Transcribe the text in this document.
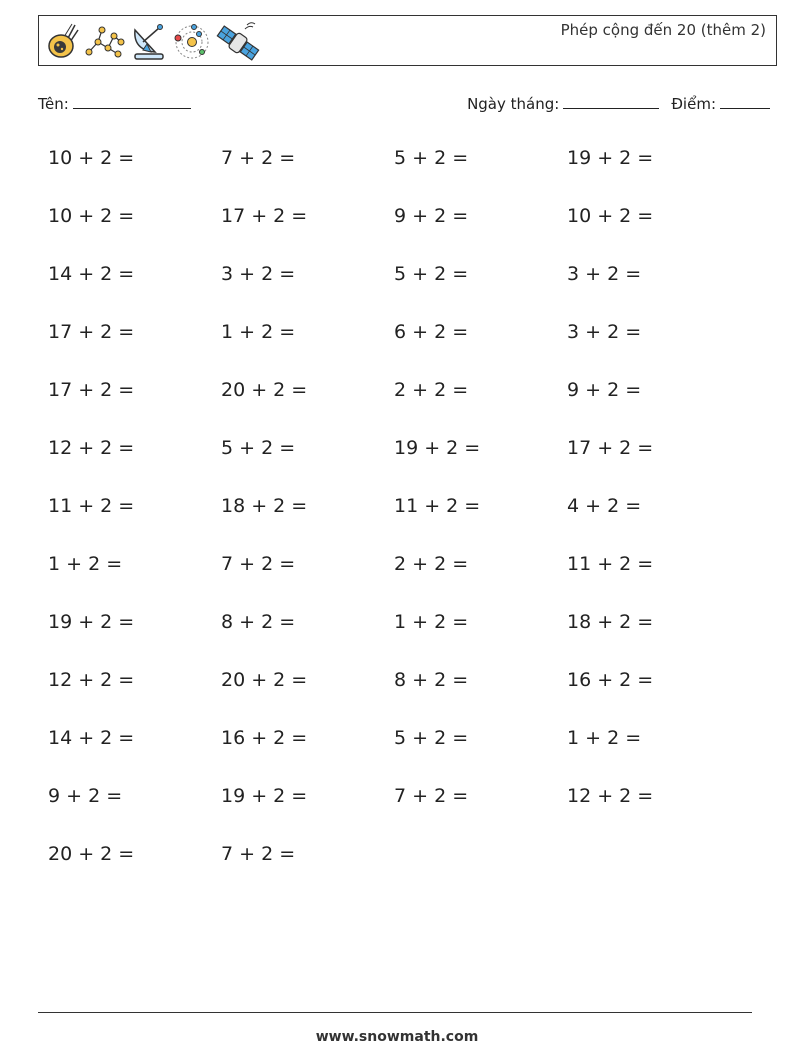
Phép cộng đến 20 (thêm 2)
Tên:	Ngày tháng:	Điểm:
10 + 2 =	7 + 2 =	5 + 2 =	19 + 2 =
10 + 2 =	17 + 2 =	9 + 2 =	10 + 2 =
14 + 2 =	3 + 2 =	5 + 2 =	3 + 2 =
17 + 2 =	1 + 2 =	6 + 2 =	3 + 2 =
17 + 2 =	20 + 2 =	2 + 2 =	9 + 2 =
12 + 2 =	5 + 2 =	19 + 2 =	17 + 2 =
11 + 2 =	18 + 2 =	11 + 2 =	4 + 2 =
1 + 2 =	7 + 2 =	2 + 2 =	11 + 2 =
19 + 2 =	8 + 2 =	1 + 2 =	18 + 2 =
12 + 2 =	20 + 2 =	8 + 2 =	16 + 2 =
14 + 2 =	16 + 2 =	5 + 2 =	1 + 2 =
9 + 2 =	19 + 2 =	7 + 2 =	12 + 2 =
20 + 2 =	7 + 2 =
www.snowmath.com
